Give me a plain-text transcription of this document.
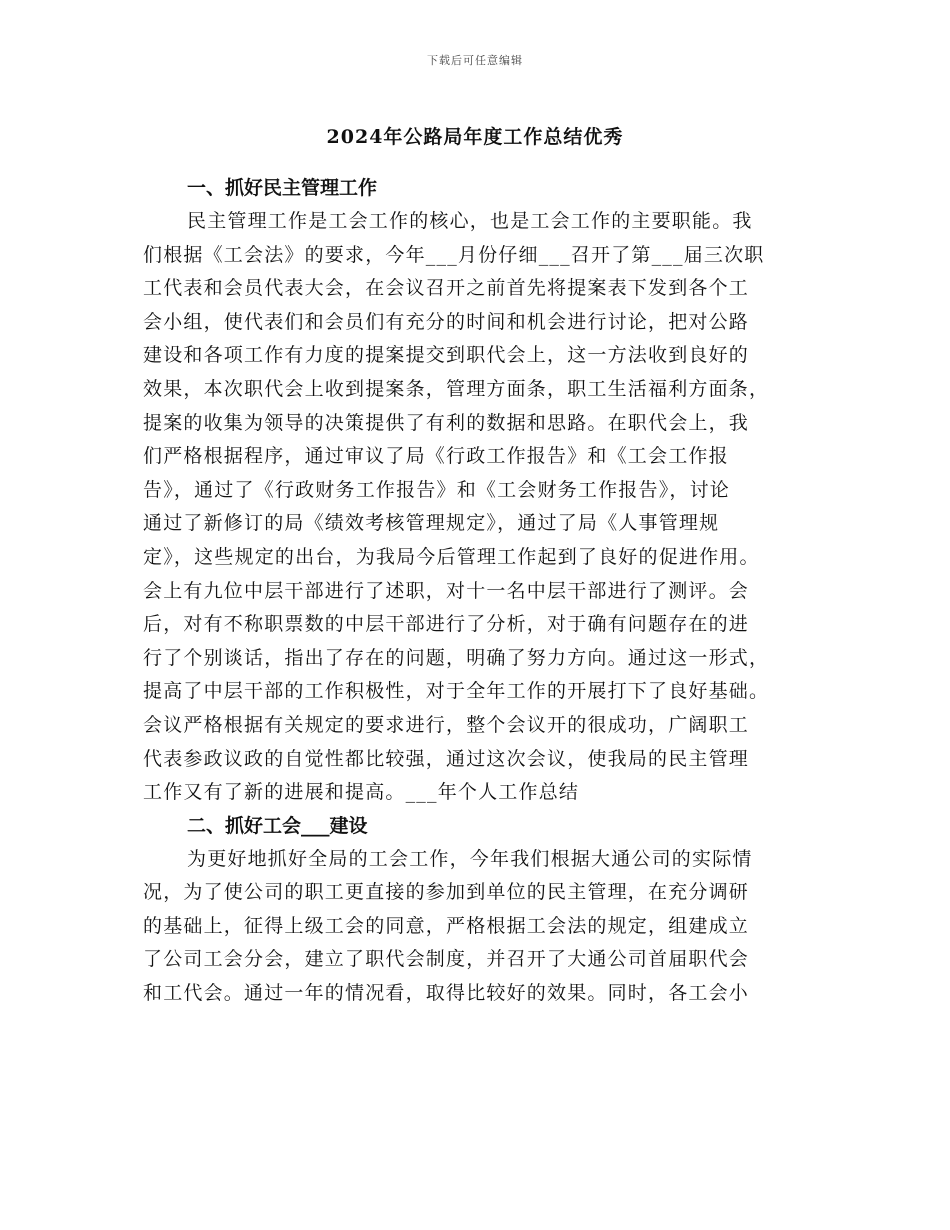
下载后可任意编辑
2024年公路局年度工作总结优秀
一、抓好民主管理工作
民主管理工作是工会工作的核心，也是工会工作的主要职能。我
们根据《工会法》的要求，今年___月份仔细___召开了第___届三次职
工代表和会员代表大会，在会议召开之前首先将提案表下发到各个工
会小组，使代表们和会员们有充分的时间和机会进行讨论，把对公路
建设和各项工作有力度的提案提交到职代会上，这一方法收到良好的
效果，本次职代会上收到提案条，管理方面条，职工生活福利方面条，
提案的收集为领导的决策提供了有利的数据和思路。在职代会上，我
们严格根据程序，通过审议了局《行政工作报告》和《工会工作报
告》，通过了《行政财务工作报告》和《工会财务工作报告》，讨论
通过了新修订的局《绩效考核管理规定》，通过了局《人事管理规
定》，这些规定的出台，为我局今后管理工作起到了良好的促进作用。
会上有九位中层干部进行了述职，对十一名中层干部进行了测评。会
后，对有不称职票数的中层干部进行了分析，对于确有问题存在的进
行了个别谈话，指出了存在的问题，明确了努力方向。通过这一形式，
提高了中层干部的工作积极性，对于全年工作的开展打下了良好基础。
会议严格根据有关规定的要求进行，整个会议开的很成功，广阔职工
代表参政议政的自觉性都比较强，通过这次会议，使我局的民主管理
工作又有了新的进展和提高。___年个人工作总结
二、抓好工会___建设
为更好地抓好全局的工会工作，今年我们根据大通公司的实际情
况，为了使公司的职工更直接的参加到单位的民主管理，在充分调研
的基础上，征得上级工会的同意，严格根据工会法的规定，组建成立
了公司工会分会，建立了职代会制度，并召开了大通公司首届职代会
和工代会。通过一年的情况看，取得比较好的效果。同时，各工会小
